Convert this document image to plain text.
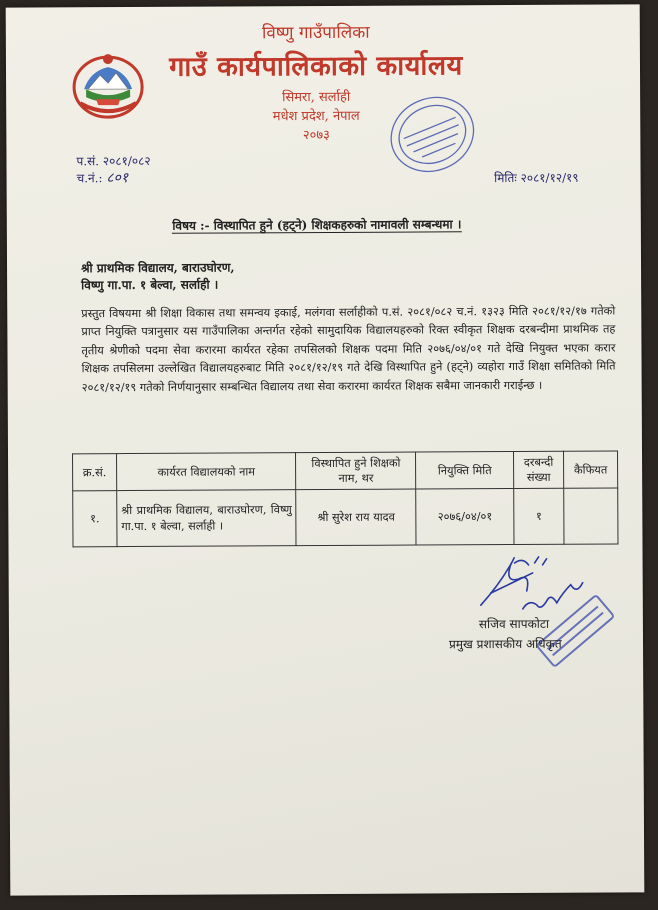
विष्णु गाउँपालिका
गाउँ कार्यपालिकाको कार्यालय
सिमरा, सर्लाही
मधेश प्रदेश, नेपाल
२०७३
प.सं. २०८१/०८२
च.नं.: ८०१	मितिः २०८१/१२/१९
विषय :- विस्थापित हुने (हट्ने) शिक्षकहरुको नामावली सम्बन्धमा ।
श्री प्राथमिक विद्यालय, बाराउघोरण,
विष्णु गा.पा. १ बेल्वा, सर्लाही ।
प्रस्तुत विषयमा श्री शिक्षा विकास तथा समन्वय इकाई, मलंगवा सर्लाहीको प.सं. २०८१/०८२ च.नं. १३२३ मिति २०८१/१२/१७ गतेको प्राप्त नियुक्ति पत्रानुसार यस गाउँपालिका अन्तर्गत रहेको सामुदायिक विद्यालयहरुको रिक्त स्वीकृत शिक्षक दरबन्दीमा प्राथमिक तह तृतीय श्रेणीको पदमा सेवा करारमा कार्यरत रहेका तपसिलको शिक्षक पदमा मिति २०७६/०४/०१ गते देखि नियुक्त भएका करार शिक्षक तपसिलमा उल्लेखित विद्यालयहरुबाट मिति २०८१/१२/१९ गते देखि विस्थापित हुने (हट्ने) व्यहोरा गाउँ शिक्षा समितिको मिति २०८१/१२/१९ गतेको निर्णयानुसार सम्बन्धित विद्यालय तथा सेवा करारमा कार्यरत शिक्षक सबैमा जानकारी गराईन्छ ।
क्र.सं.	कार्यरत विद्यालयको नाम	विस्थापित हुने शिक्षको नाम, थर	नियुक्ति मिति	दरबन्दी संख्या	कैफियत
१.	श्री प्राथमिक विद्यालय, बाराउघोरण, विष्णु गा.पा. १ बेल्वा, सर्लाही ।	श्री सुरेश राय यादव	२०७६/०४/०१	१	
सजिव सापकोटा
प्रमुख प्रशासकीय अधिकृत
